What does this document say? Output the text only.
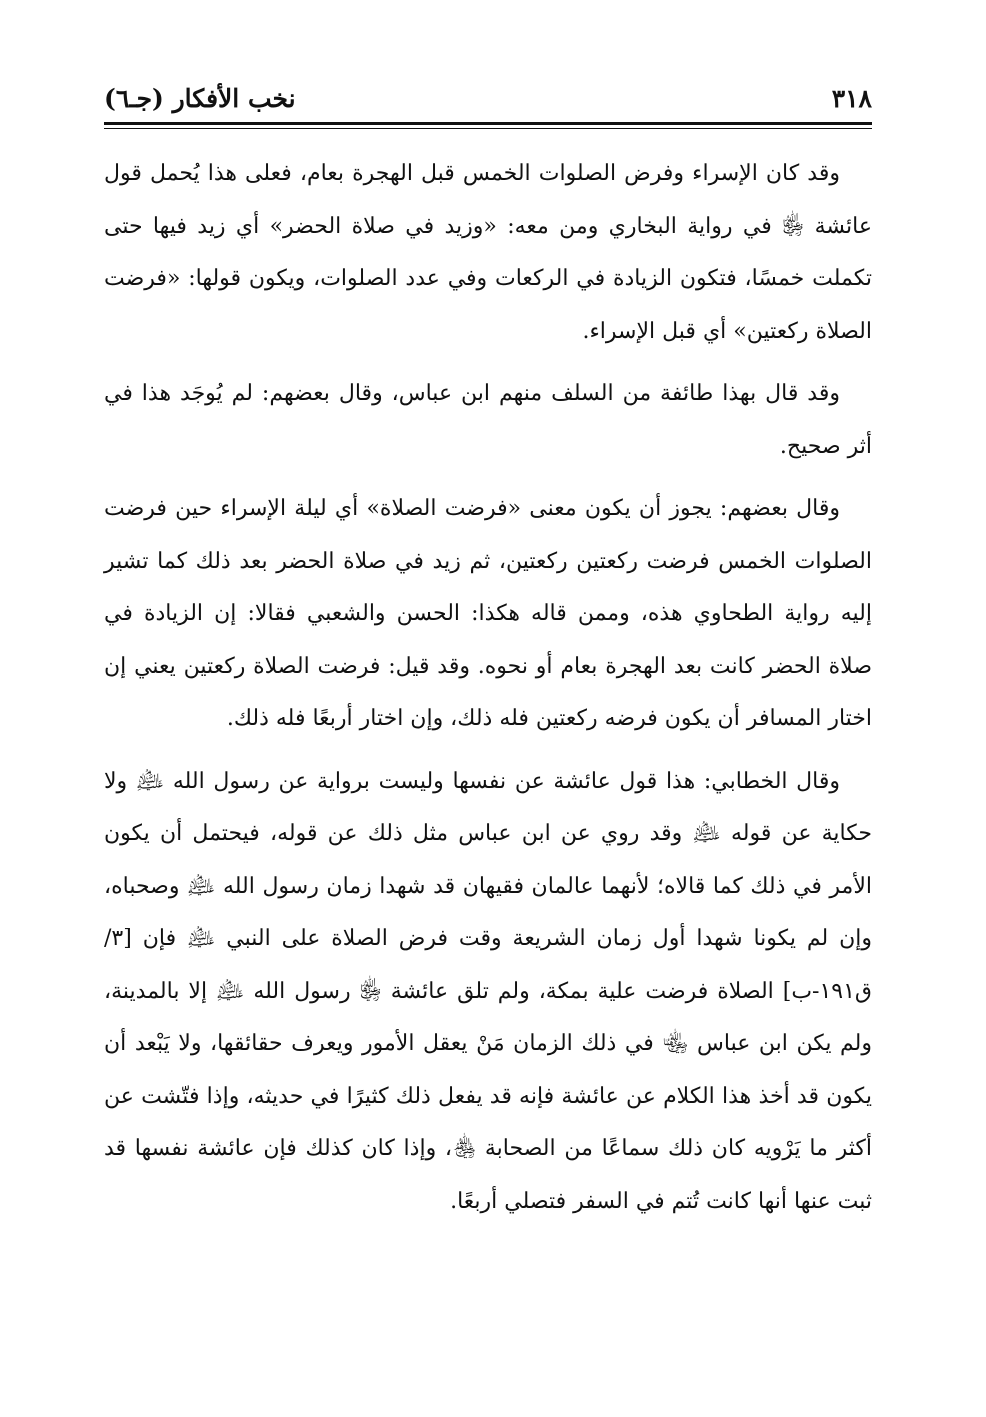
٣١٨
نخب الأفكار (جـ٦)

وقد كان الإسراء وفرض الصلوات الخمس قبل الهجرة بعام، فعلى هذا يُحمل قول عائشة ﵂ في رواية البخاري ومن معه: «وزيد في صلاة الحضر» أي زيد فيها حتى تكملت خمسًا، فتكون الزيادة في الركعات وفي عدد الصلوات، ويكون قولها: «فرضت الصلاة ركعتين» أي قبل الإسراء.

وقد قال بهذا طائفة من السلف منهم ابن عباس، وقال بعضهم: لم يُوجَد هذا في أثر صحيح.

وقال بعضهم: يجوز أن يكون معنى «فرضت الصلاة» أي ليلة الإسراء حين فرضت الصلوات الخمس فرضت ركعتين ركعتين، ثم زيد في صلاة الحضر بعد ذلك كما تشير إليه رواية الطحاوي هذه، وممن قاله هكذا: الحسن والشعبي فقالا: إن الزيادة في صلاة الحضر كانت بعد الهجرة بعام أو نحوه. وقد قيل: فرضت الصلاة ركعتين يعني إن اختار المسافر أن يكون فرضه ركعتين فله ذلك، وإن اختار أربعًا فله ذلك.

وقال الخطابي: هذا قول عائشة عن نفسها وليست برواية عن رسول الله ﵇ ولا حكاية عن قوله ﵇ وقد روي عن ابن عباس مثل ذلك عن قوله، فيحتمل أن يكون الأمر في ذلك كما قالاه؛ لأنهما عالمان فقيهان قد شهدا زمان رسول الله ﵇ وصحباه، وإن لم يكونا شهدا أول زمان الشريعة وقت فرض الصلاة على النبي ﵇ فإن [٣/ ق١٩١-ب] الصلاة فرضت علية بمكة، ولم تلق عائشة ﵂ رسول الله ﵇ إلا بالمدينة، ولم يكن ابن عباس ﵄ في ذلك الزمان مَنْ يعقل الأمور ويعرف حقائقها، ولا يَبْعد أن يكون قد أخذ هذا الكلام عن عائشة فإنه قد يفعل ذلك كثيرًا في حديثه، وإذا فتّشت عن أكثر ما يَرْويه كان ذلك سماعًا من الصحابة ﵃، وإذا كان كذلك فإن عائشة نفسها قد ثبت عنها أنها كانت تُتم في السفر فتصلي أربعًا.
